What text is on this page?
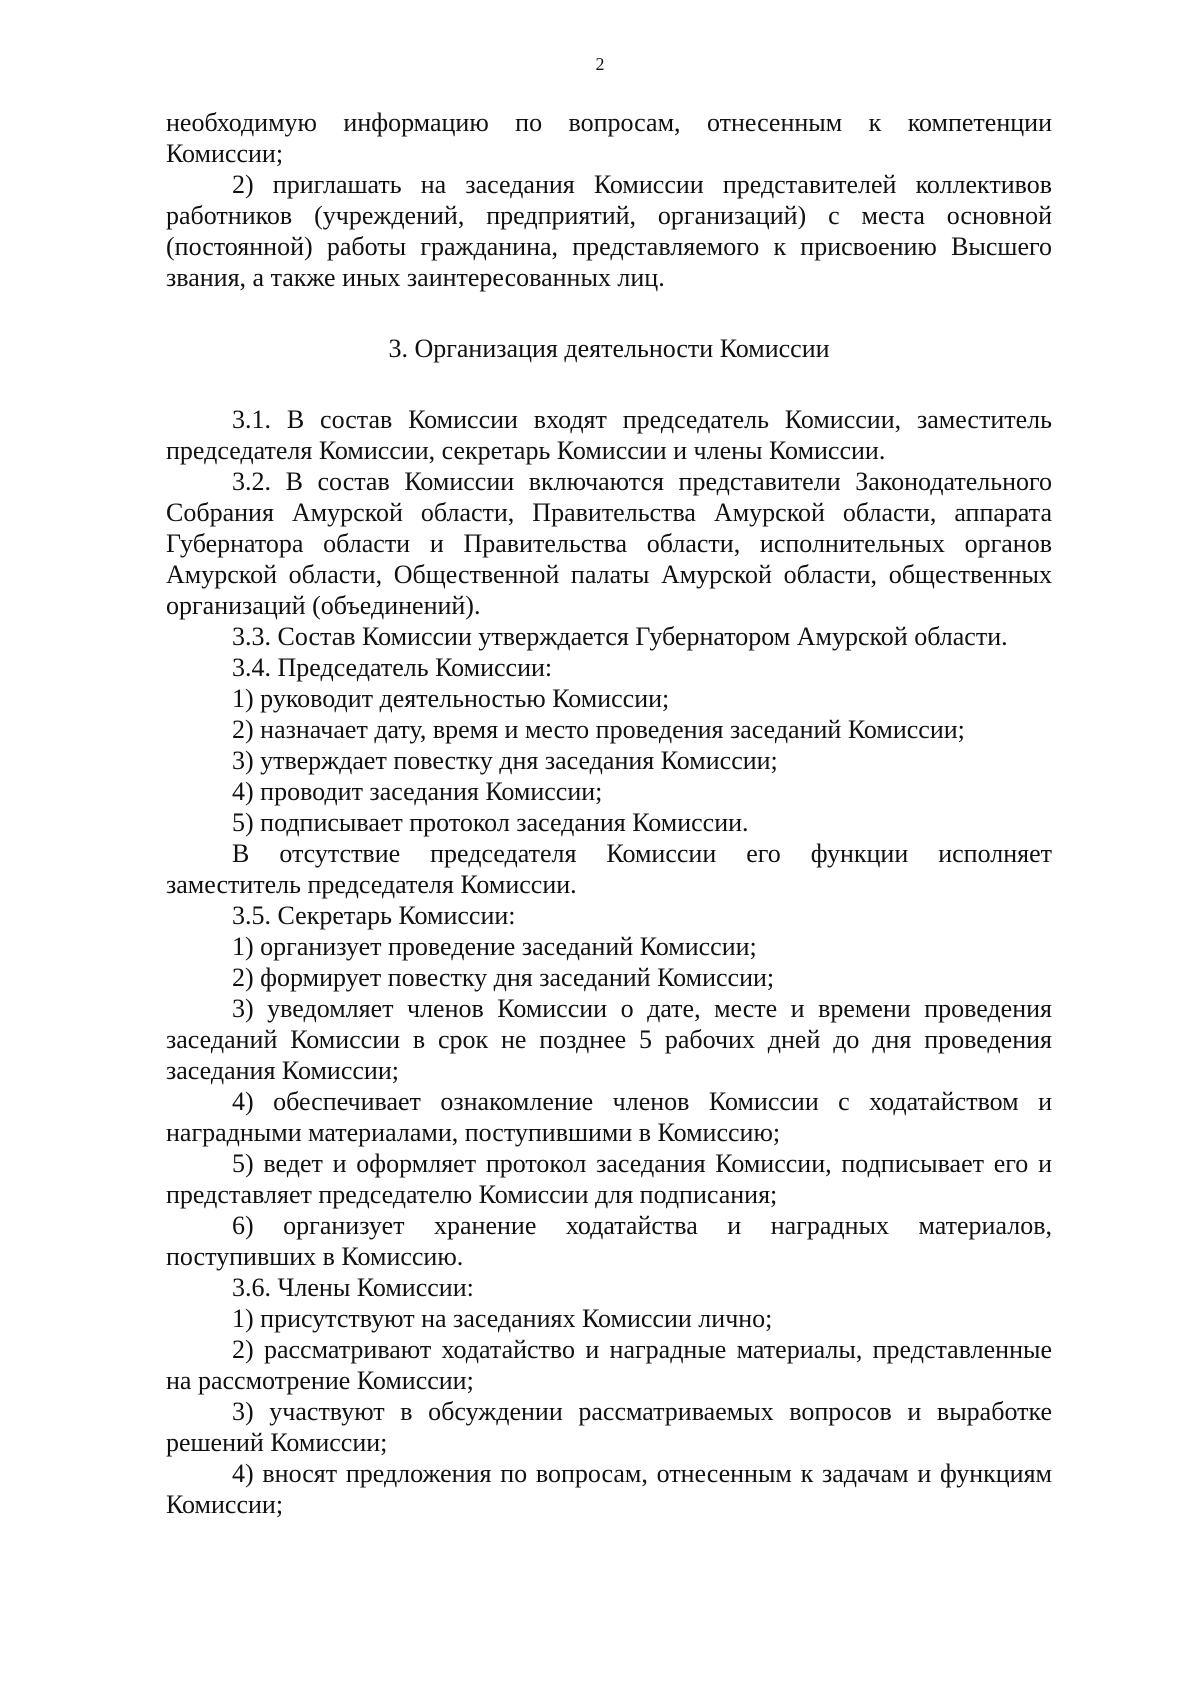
2

необходимую информацию по вопросам, отнесенным к компетенции Комиссии;

2) приглашать на заседания Комиссии представителей коллективов работников (учреждений, предприятий, организаций) с места основной (постоянной) работы гражданина, представляемого к присвоению Высшего звания, а также иных заинтересованных лиц.

3. Организация деятельности Комиссии

3.1. В состав Комиссии входят председатель Комиссии, заместитель председателя Комиссии, секретарь Комиссии и члены Комиссии.

3.2. В состав Комиссии включаются представители Законодательного Собрания Амурской области, Правительства Амурской области, аппарата Губернатора области и Правительства области, исполнительных органов Амурской области, Общественной палаты Амурской области, общественных организаций (объединений).

3.3. Состав Комиссии утверждается Губернатором Амурской области.

3.4. Председатель Комиссии:

1) руководит деятельностью Комиссии;

2) назначает дату, время и место проведения заседаний Комиссии;

3) утверждает повестку дня заседания Комиссии;

4) проводит заседания Комиссии;

5) подписывает протокол заседания Комиссии.

В отсутствие председателя Комиссии его функции исполняет заместитель председателя Комиссии.

3.5. Секретарь Комиссии:

1) организует проведение заседаний Комиссии;

2) формирует повестку дня заседаний Комиссии;

3) уведомляет членов Комиссии о дате, месте и времени проведения заседаний Комиссии в срок не позднее 5 рабочих дней до дня проведения заседания Комиссии;

4) обеспечивает ознакомление членов Комиссии с ходатайством и наградными материалами, поступившими в Комиссию;

5) ведет и оформляет протокол заседания Комиссии, подписывает его и представляет председателю Комиссии для подписания;

6) организует хранение ходатайства и наградных материалов, поступивших в Комиссию.

3.6. Члены Комиссии:

1) присутствуют на заседаниях Комиссии лично;

2) рассматривают ходатайство и наградные материалы, представленные на рассмотрение Комиссии;

3) участвуют в обсуждении рассматриваемых вопросов и выработке решений Комиссии;

4) вносят предложения по вопросам, отнесенным к задачам и функциям Комиссии;
